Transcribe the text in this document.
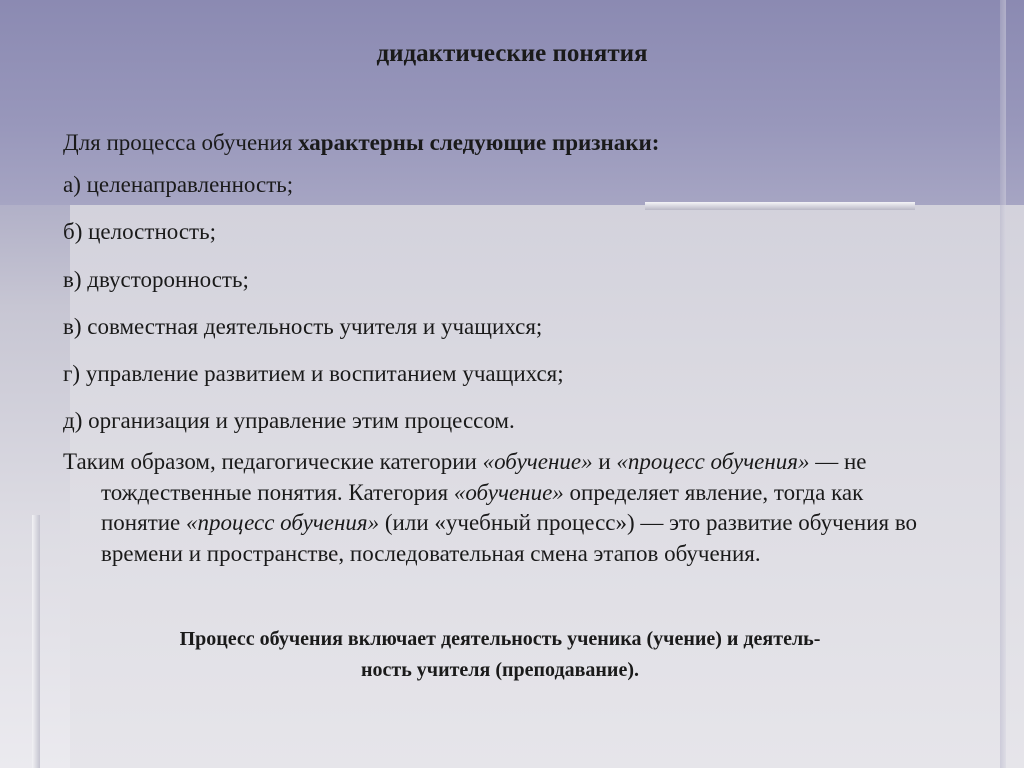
дидактические понятия

Для процесса обучения характерны следующие признаки:

а) целенаправленность;
б) целостность;
в) двусторонность;
в) совместная деятельность учителя и учащихся;
г) управление развитием и воспитанием учащихся;
д) организация и управление этим процессом.

Таким образом, педагогические категории «обучение» и «процесс обучения» — не тождественные понятия. Категория «обучение» определяет явление, тогда как понятие «процесс обучения» (или «учебный процесс») — это развитие обучения во времени и пространстве, последовательная смена этапов обучения.

Процесс обучения включает деятельность ученика (учение) и деятель-
ность учителя (преподавание).
